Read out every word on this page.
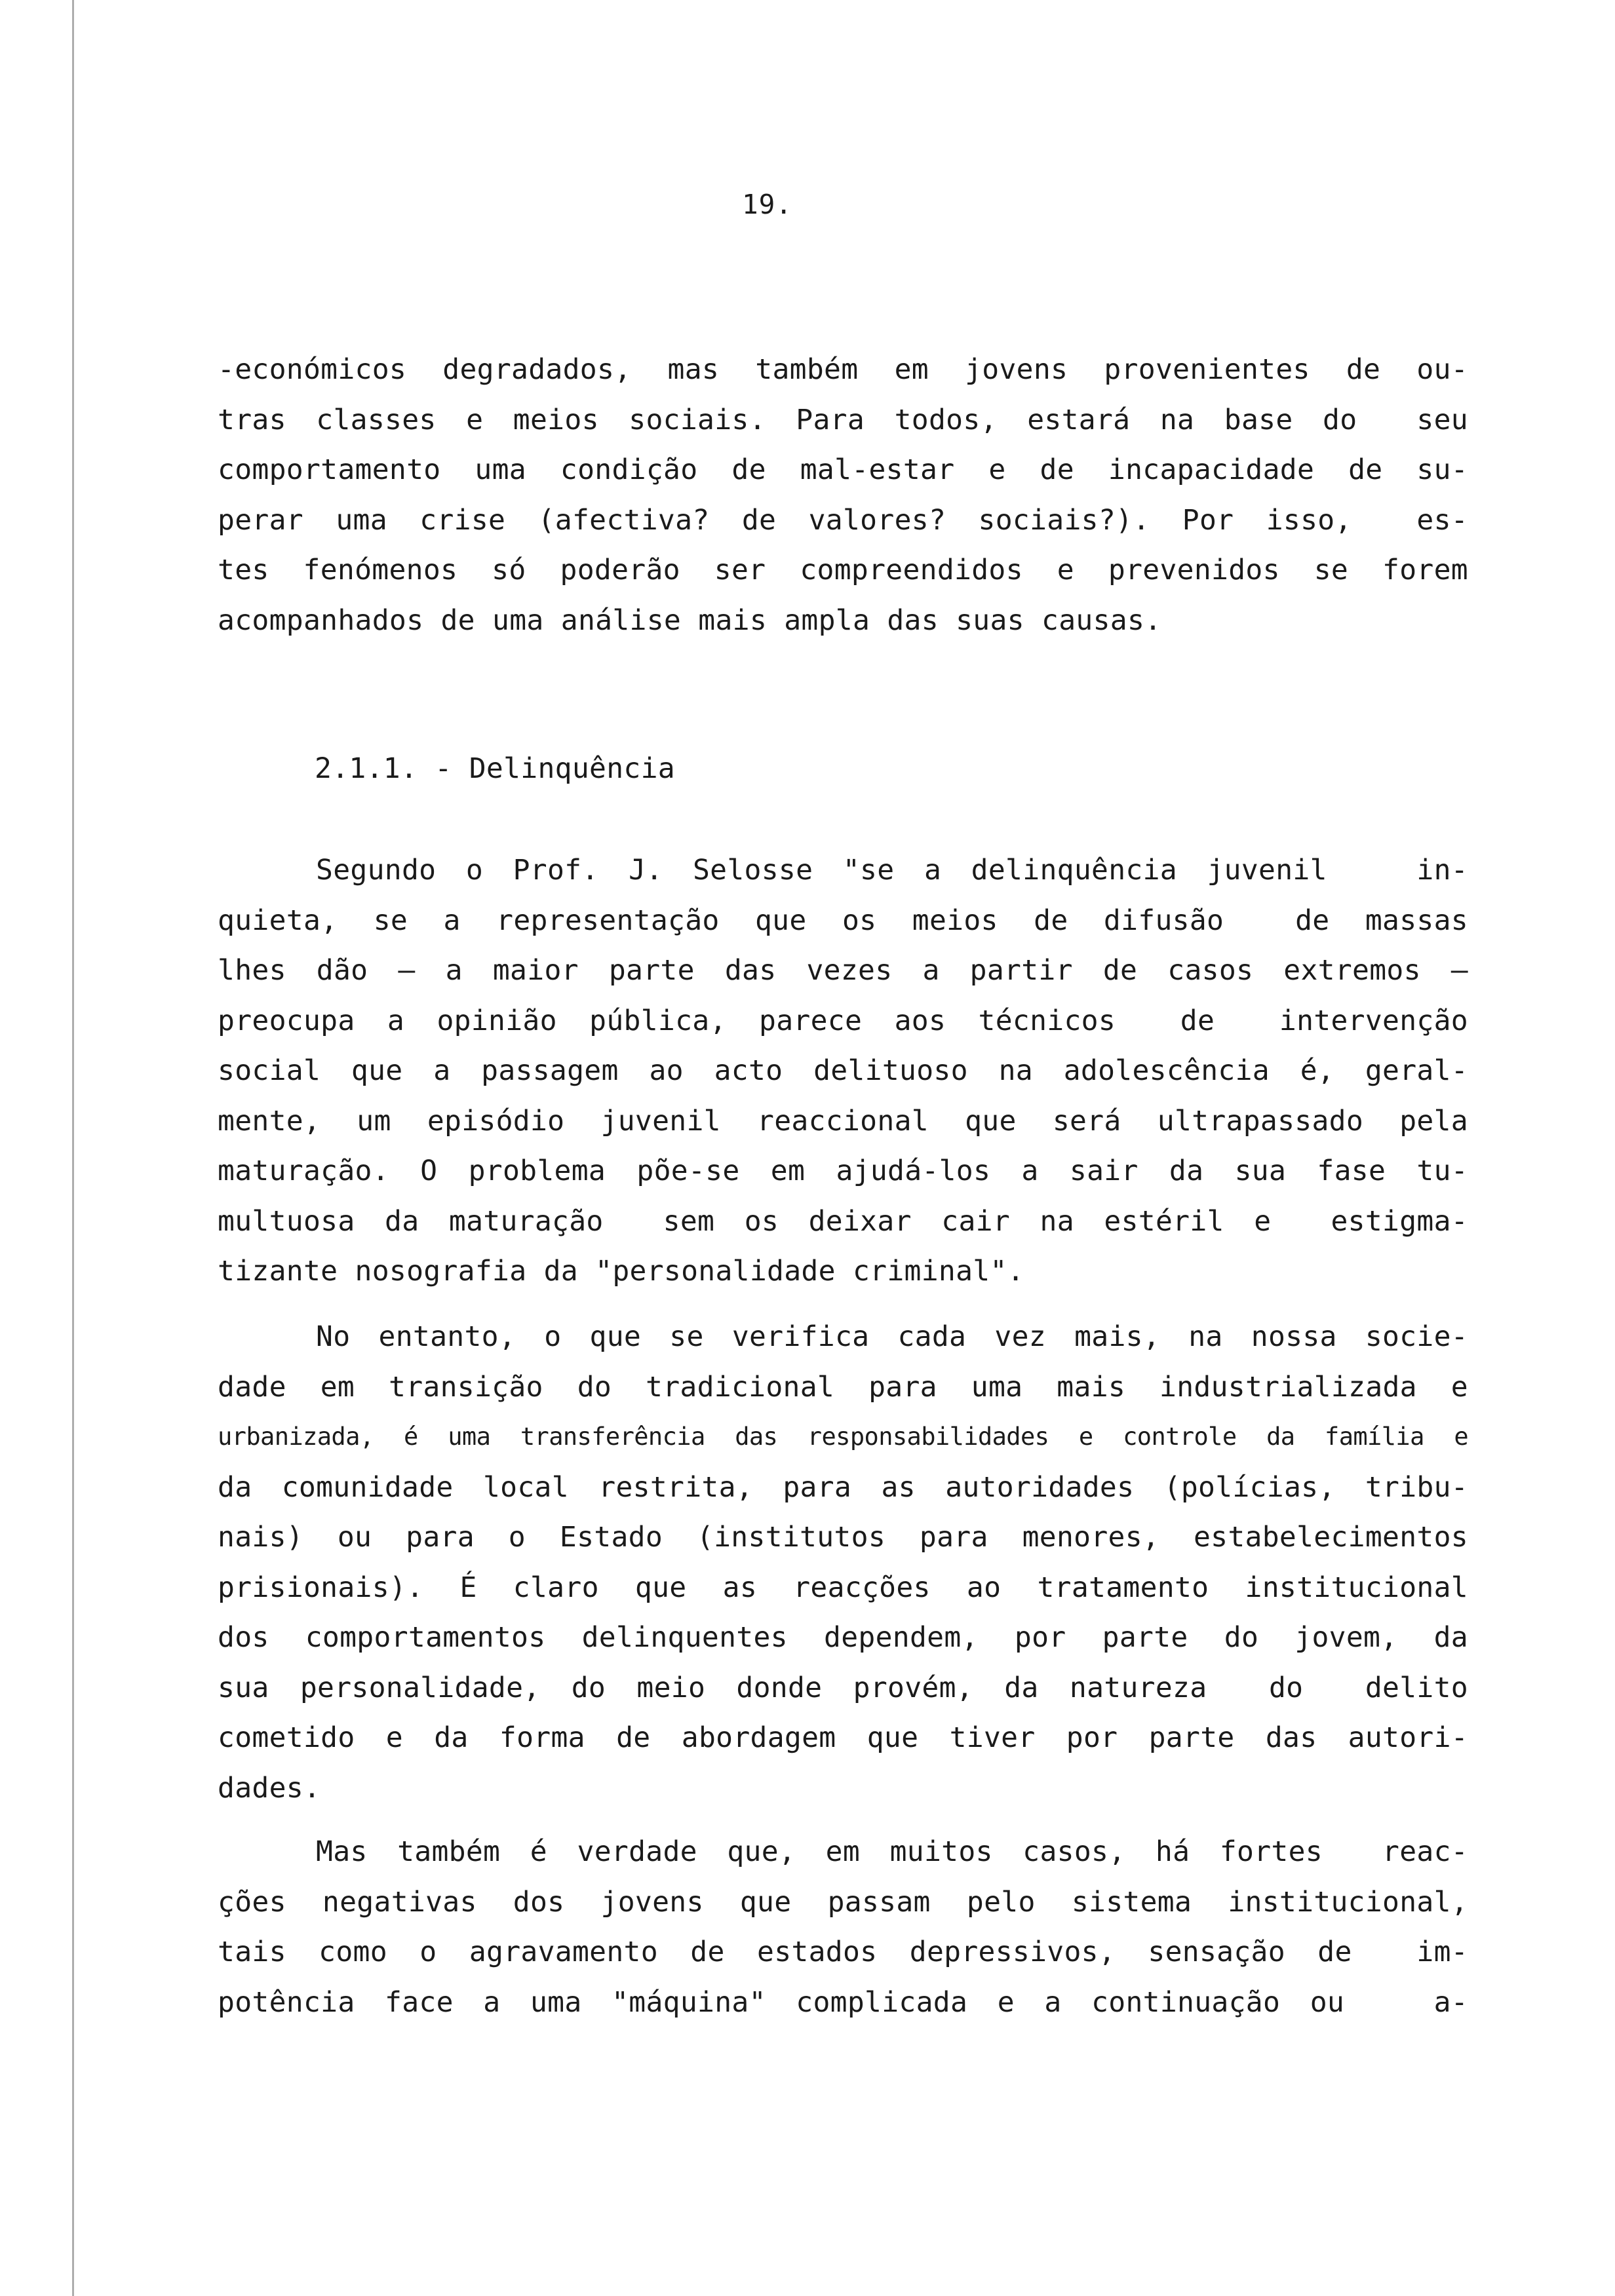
19.
-económicos degradados, mas também em jovens provenientes de ou-
tras classes e meios sociais. Para todos, estará na base do  seu
comportamento uma condição de mal-estar e de incapacidade de su-
perar uma crise (afectiva? de valores? sociais?). Por isso,  es-
tes fenómenos só poderão ser compreendidos e prevenidos se forem
acompanhados de uma análise mais ampla das suas causas.
2.1.1. - Delinquência
Segundo o Prof. J. Selosse "se a delinquência juvenil   in-
quieta, se a representação que os meios de difusão  de massas
lhes dão — a maior parte das vezes a partir de casos extremos —
preocupa a opinião pública, parece aos técnicos  de  intervenção
social que a passagem ao acto delituoso na adolescência é, geral-
mente, um episódio juvenil reaccional que será ultrapassado pela
maturação. O problema põe-se em ajudá-los a sair da sua fase tu-
multuosa da maturação  sem os deixar cair na estéril e  estigma-
tizante nosografia da "personalidade criminal".
No entanto, o que se verifica cada vez mais, na nossa socie-
dade em transição do tradicional para uma mais industrializada e
urbanizada, é uma transferência das responsabilidades e controle da família e
da comunidade local restrita, para as autoridades (polícias, tribu-
nais) ou para o Estado (institutos para menores, estabelecimentos
prisionais). É claro que as reacções ao tratamento institucional
dos comportamentos delinquentes dependem, por parte do jovem, da
sua personalidade, do meio donde provém, da natureza  do  delito
cometido e da forma de abordagem que tiver por parte das autori-
dades.
Mas também é verdade que, em muitos casos, há fortes  reac-
ções negativas dos jovens que passam pelo sistema institucional,
tais como o agravamento de estados depressivos, sensação de  im-
potência face a uma "máquina" complicada e a continuação ou   a-
